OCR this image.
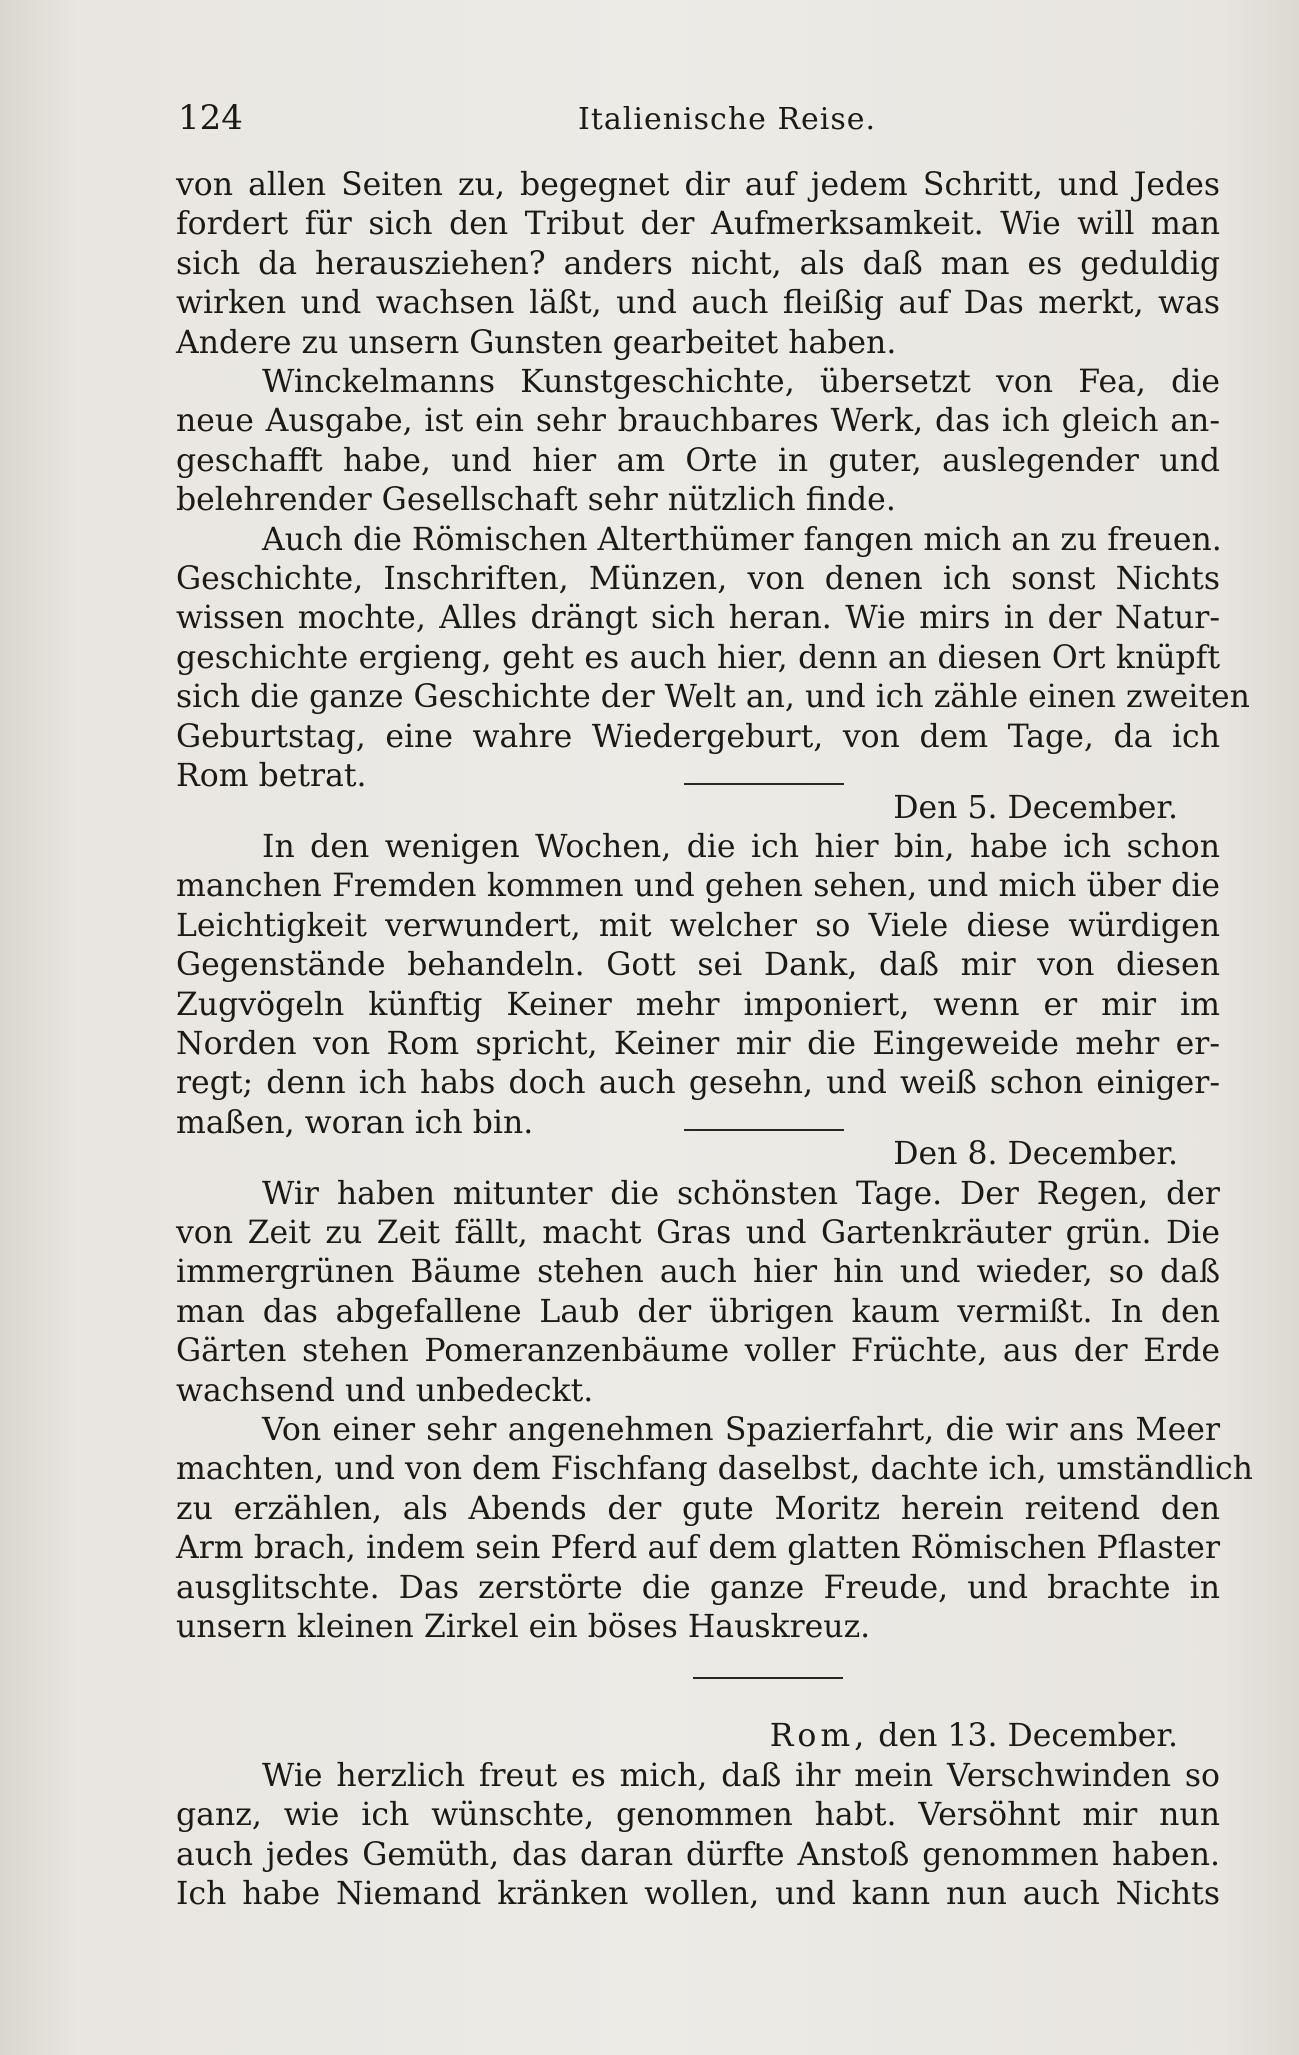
124	Italienische Reise.

von allen Seiten zu, begegnet dir auf jedem Schritt, und Jedes
fordert für sich den Tribut der Aufmerksamkeit. Wie will man
sich da herausziehen? anders nicht, als daß man es geduldig
wirken und wachsen läßt, und auch fleißig auf Das merkt, was
Andere zu unsern Gunsten gearbeitet haben.

Winckelmanns Kunstgeschichte, übersetzt von Fea, die
neue Ausgabe, ist ein sehr brauchbares Werk, das ich gleich an-
geschafft habe, und hier am Orte in guter, auslegender und
belehrender Gesellschaft sehr nützlich finde.

Auch die Römischen Alterthümer fangen mich an zu freuen.
Geschichte, Inschriften, Münzen, von denen ich sonst Nichts
wissen mochte, Alles drängt sich heran. Wie mirs in der Natur-
geschichte ergieng, geht es auch hier, denn an diesen Ort knüpft
sich die ganze Geschichte der Welt an, und ich zähle einen zweiten
Geburtstag, eine wahre Wiedergeburt, von dem Tage, da ich
Rom betrat.

Den 5. December.

In den wenigen Wochen, die ich hier bin, habe ich schon
manchen Fremden kommen und gehen sehen, und mich über die
Leichtigkeit verwundert, mit welcher so Viele diese würdigen
Gegenstände behandeln. Gott sei Dank, daß mir von diesen
Zugvögeln künftig Keiner mehr imponiert, wenn er mir im
Norden von Rom spricht, Keiner mir die Eingeweide mehr er-
regt; denn ich habs doch auch gesehn, und weiß schon einiger-
maßen, woran ich bin.

Den 8. December.

Wir haben mitunter die schönsten Tage. Der Regen, der
von Zeit zu Zeit fällt, macht Gras und Gartenkräuter grün. Die
immergrünen Bäume stehen auch hier hin und wieder, so daß
man das abgefallene Laub der übrigen kaum vermißt. In den
Gärten stehen Pomeranzenbäume voller Früchte, aus der Erde
wachsend und unbedeckt.

Von einer sehr angenehmen Spazierfahrt, die wir ans Meer
machten, und von dem Fischfang daselbst, dachte ich, umständlich
zu erzählen, als Abends der gute Moritz herein reitend den
Arm brach, indem sein Pferd auf dem glatten Römischen Pflaster
ausglitschte. Das zerstörte die ganze Freude, und brachte in
unsern kleinen Zirkel ein böses Hauskreuz.

Rom, den 13. December.

Wie herzlich freut es mich, daß ihr mein Verschwinden so
ganz, wie ich wünschte, genommen habt. Versöhnt mir nun
auch jedes Gemüth, das daran dürfte Anstoß genommen haben.
Ich habe Niemand kränken wollen, und kann nun auch Nichts
